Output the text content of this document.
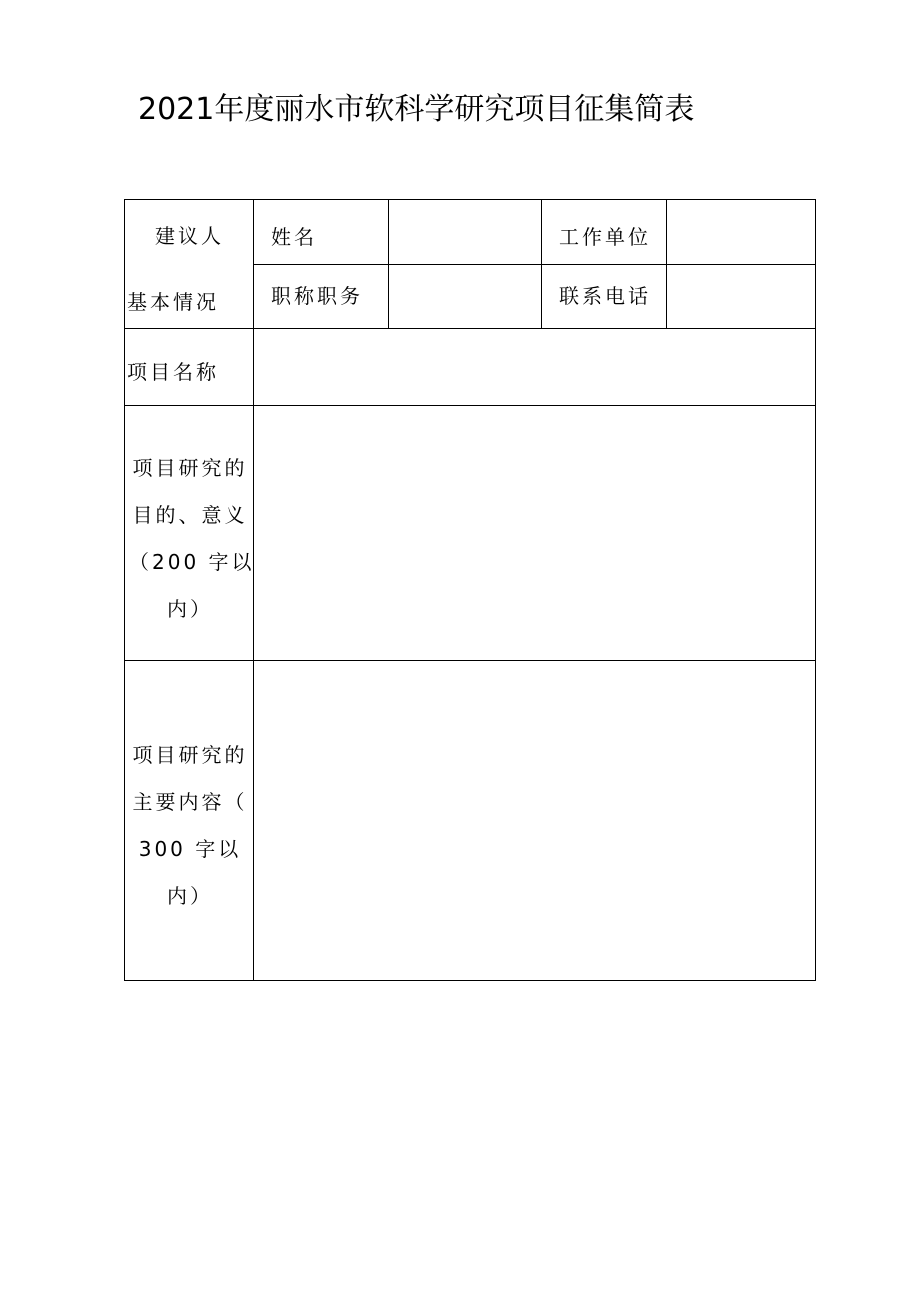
2021年度丽水市软科学研究项目征集简表
建议人
基本情况
姓名	工作单位
职称职务	联系电话
项目名称
项目研究的
目的、意义
（200 字以
内）
项目研究的
主要内容（
300 字以
内）
